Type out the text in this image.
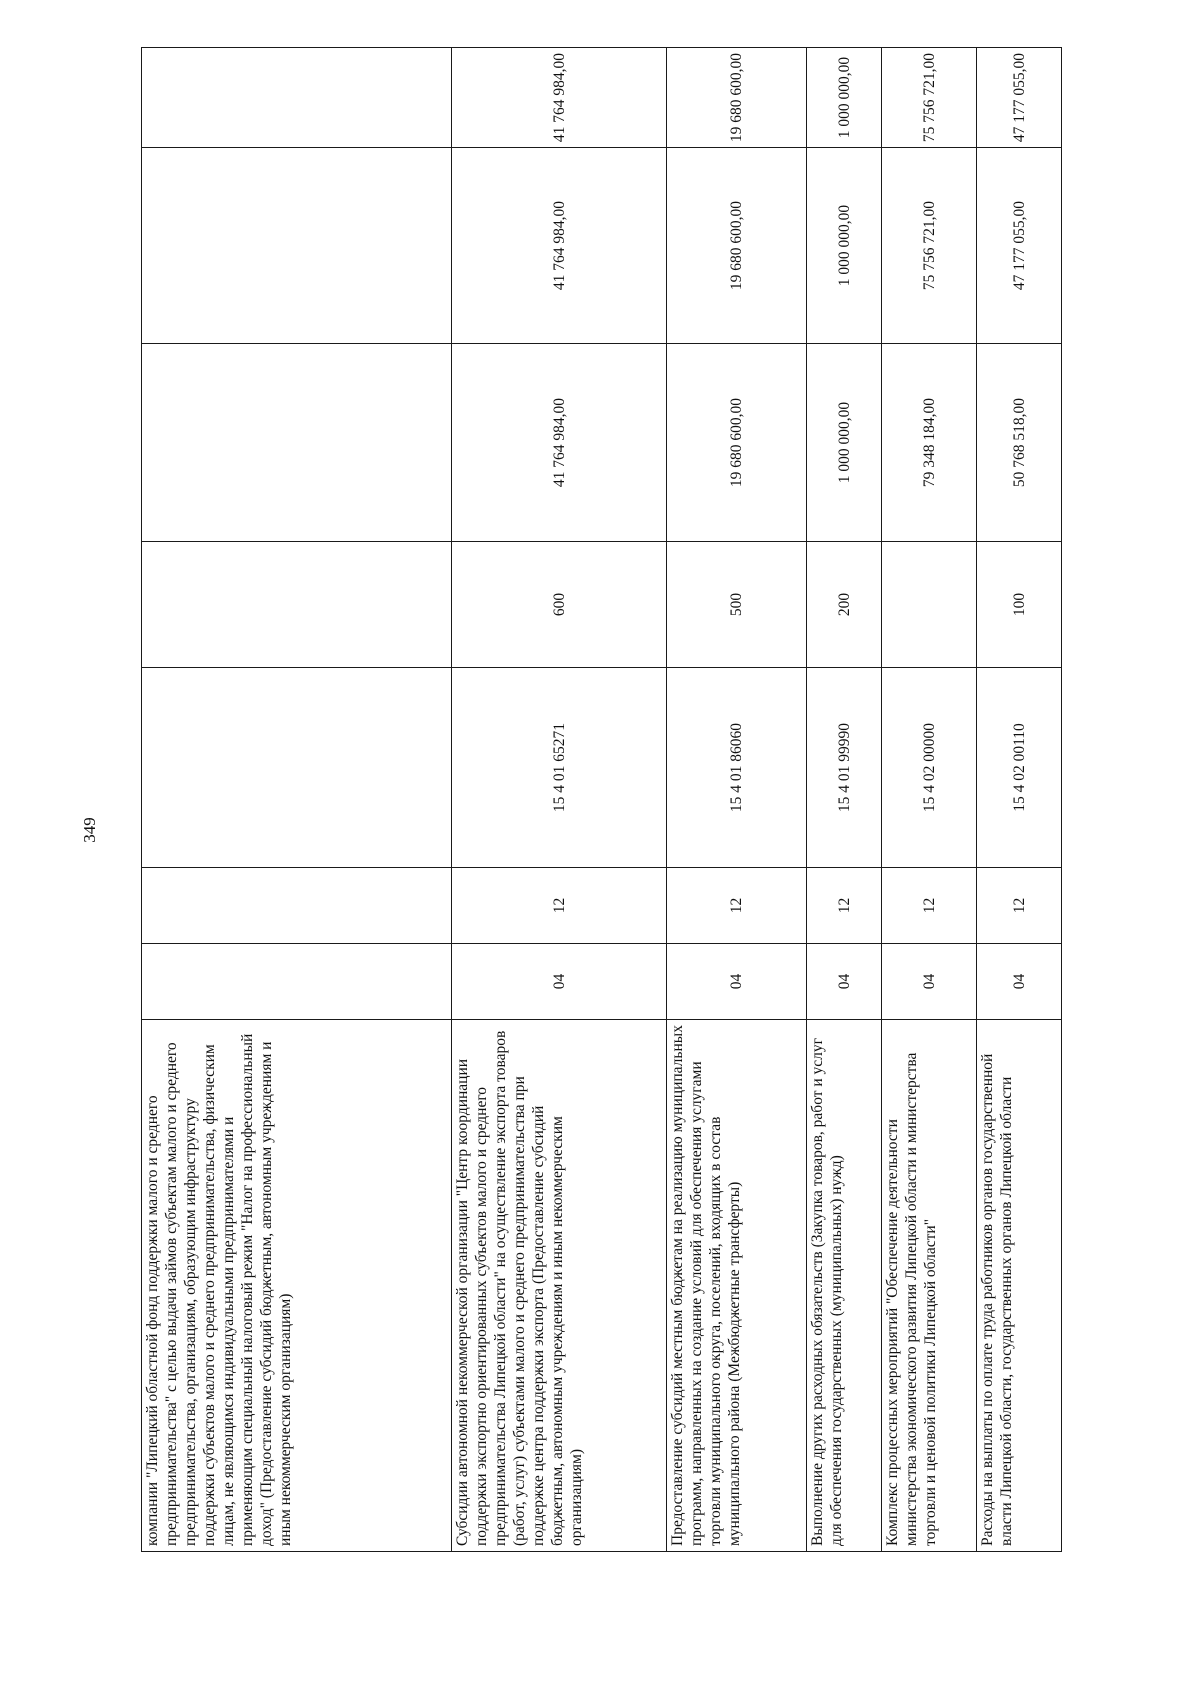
349
компании "Липецкий областной фонд поддержки малого и среднего предпринимательства" с целью выдачи займов субъектам малого и среднего предпринимательства, организациям, образующим инфраструктуру поддержки субъектов малого и среднего предпринимательства, физическим лицам, не являющимся индивидуальными предпринимателями и применяющим специальный налоговый режим "Налог на профессиональный доход" (Предоставление субсидий бюджетным, автономным учреждениям и иным некоммерческим организациям)							
Субсидии автономной некоммерческой организации "Центр координации поддержки экспортно ориентированных субъектов малого и среднего предпринимательства Липецкой области" на осуществление экспорта товаров (работ, услуг) субъектами малого и среднего предпринимательства при поддержке центра поддержки экспорта (Предоставление субсидий бюджетным, автономным учреждениям и иным некоммерческим организациям)	04	12	15 4 01 65271	600	41 764 984,00	41 764 984,00	41 764 984,00
Предоставление субсидий местным бюджетам на реализацию муниципальных программ, направленных на создание условий для обеспечения услугами торговли муниципального округа, поселений, входящих в состав муниципального района (Межбюджетные трансферты)	04	12	15 4 01 86060	500	19 680 600,00	19 680 600,00	19 680 600,00
Выполнение других расходных обязательств (Закупка товаров, работ и услуг для обеспечения государственных (муниципальных) нужд)	04	12	15 4 01 99990	200	1 000 000,00	1 000 000,00	1 000 000,00
Комплекс процессных мероприятий "Обеспечение деятельности министерства экономического развития Липецкой области и министерства торговли и ценовой политики Липецкой области"	04	12	15 4 02 00000		79 348 184,00	75 756 721,00	75 756 721,00
Расходы на выплаты по оплате труда работников органов государственной власти Липецкой области, государственных органов Липецкой области	04	12	15 4 02 00110	100	50 768 518,00	47 177 055,00	47 177 055,00
